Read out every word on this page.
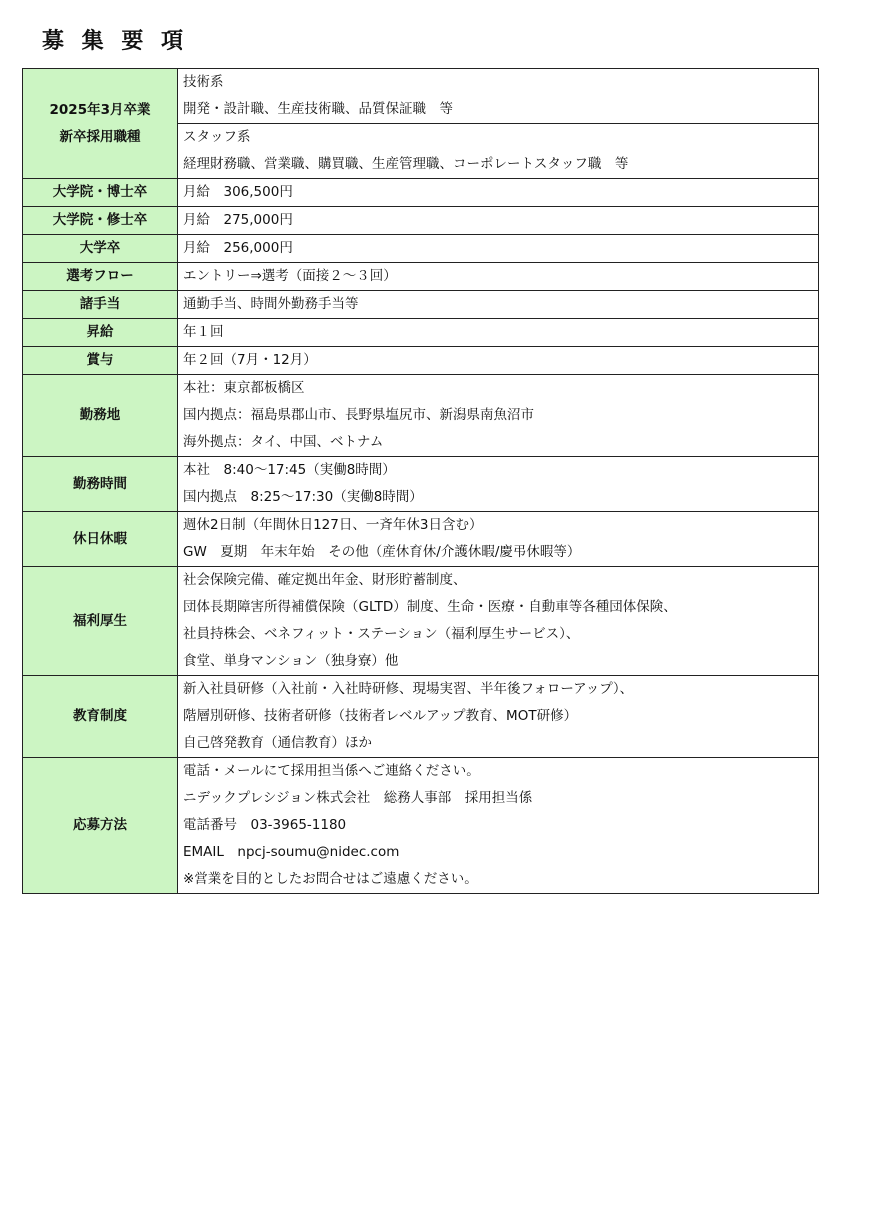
募 集 要 項
2025年3月卒業
新卒採用職種	技術系
開発・設計職、生産技術職、品質保証職　等

	スタッフ系
経理財務職、営業職、購買職、生産管理職、コーポレートスタッフ職　等

大学院・博士卒	月給　306,500円

大学院・修士卒	月給　275,000円

大学卒	月給　256,000円

選考フロー	エントリー⇒選考（面接２～３回）

諸手当	通勤手当、時間外勤務手当等

昇給	年１回

賞与	年２回（7月・12月）

勤務地	本社：東京都板橋区
国内拠点：福島県郡山市、長野県塩尻市、新潟県南魚沼市
海外拠点：タイ、中国、ベトナム

勤務時間	本社　8:40～17:45（実働8時間）
国内拠点　8:25～17:30（実働8時間）

休日休暇	週休2日制（年間休日127日、一斉年休3日含む）
GW　夏期　年末年始　その他（産休育休/介護休暇/慶弔休暇等）

福利厚生	社会保険完備、確定拠出年金、財形貯蓄制度、
団体長期障害所得補償保険（GLTD）制度、生命・医療・自動車等各種団体保険、
社員持株会、ベネフィット・ステーション（福利厚生サービス）、
食堂、単身マンション（独身寮）他

教育制度	新入社員研修（入社前・入社時研修、現場実習、半年後フォローアップ）、
階層別研修、技術者研修（技術者レベルアップ教育、MOT研修）
自己啓発教育（通信教育）ほか

応募方法	電話・メールにて採用担当係へご連絡ください。
ニデックプレシジョン株式会社　総務人事部　採用担当係
電話番号　03-3965-1180
EMAIL　npcj-soumu@nidec.com
※営業を目的としたお問合せはご遠慮ください。
